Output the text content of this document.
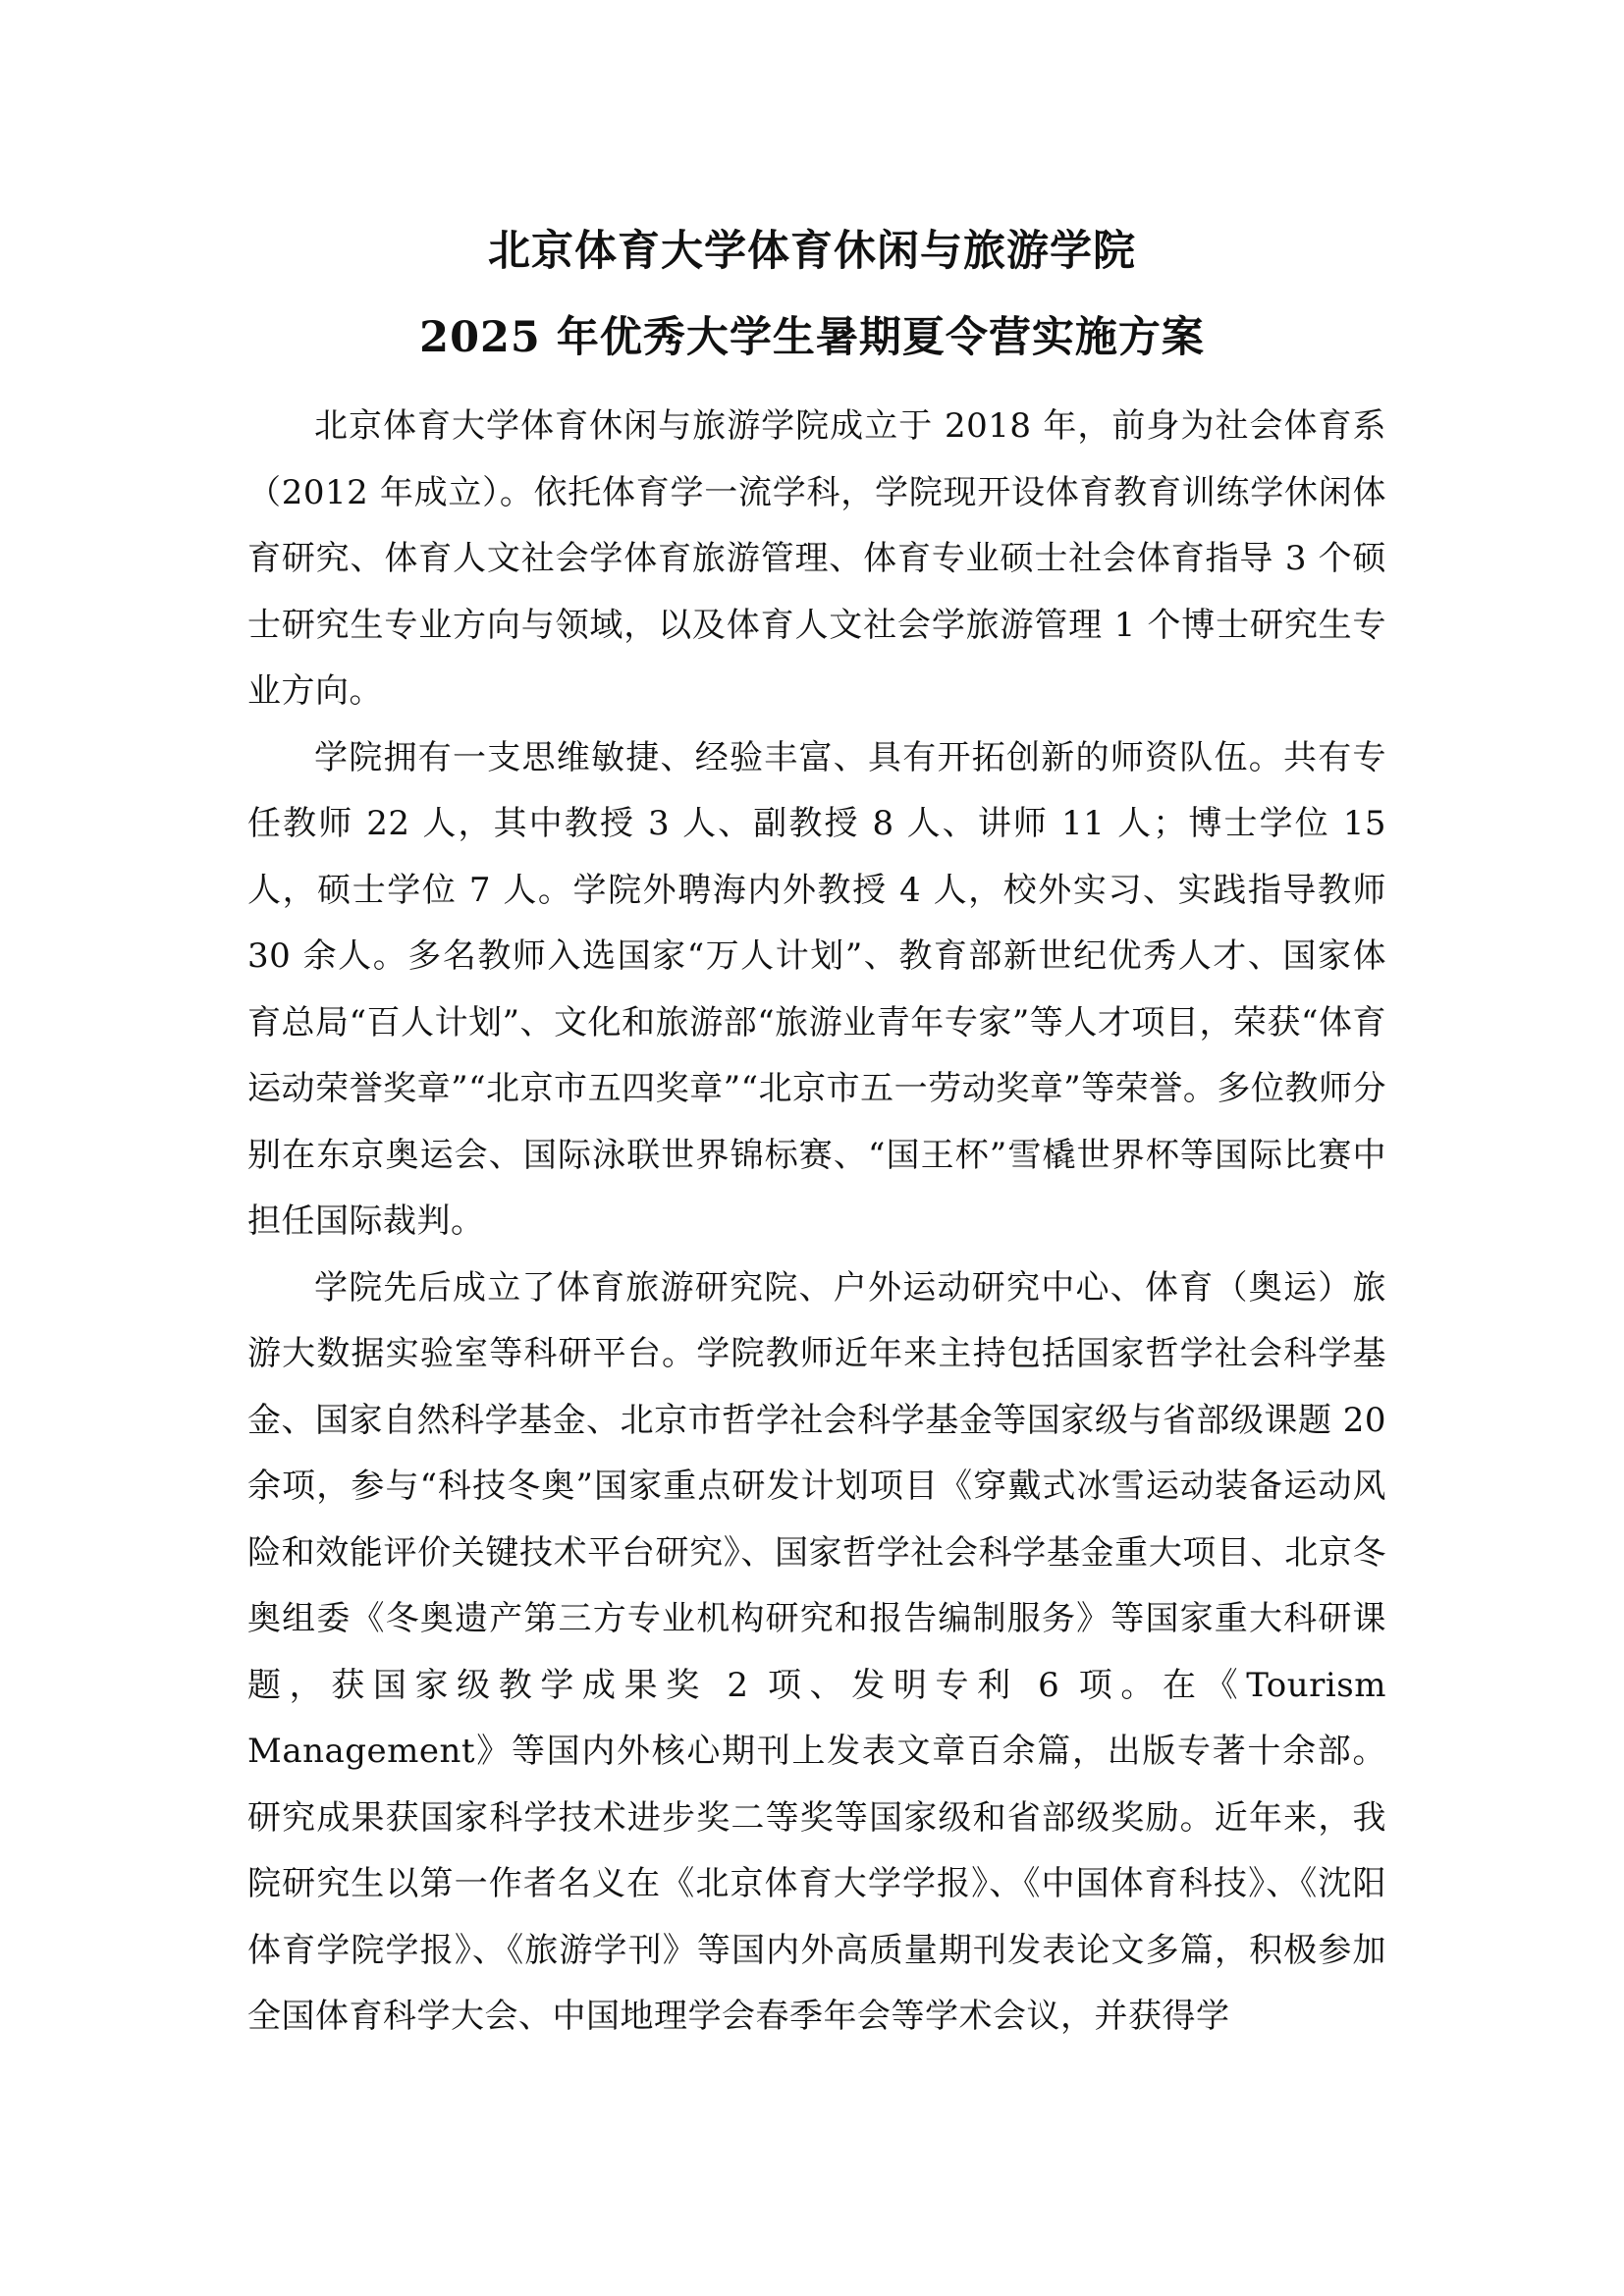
北京体育大学体育休闲与旅游学院
2025 年优秀大学生暑期夏令营实施方案

北京体育大学体育休闲与旅游学院成立于 2018 年，前身为社会体育系（2012 年成立）。依托体育学一流学科，学院现开设体育教育训练学休闲体育研究、体育人文社会学体育旅游管理、体育专业硕士社会体育指导 3 个硕士研究生专业方向与领域，以及体育人文社会学旅游管理 1 个博士研究生专业方向。

学院拥有一支思维敏捷、经验丰富、具有开拓创新的师资队伍。共有专任教师 22 人，其中教授 3 人、副教授 8 人、讲师 11 人；博士学位 15 人，硕士学位 7 人。学院外聘海内外教授 4 人，校外实习、实践指导教师 30 余人。多名教师入选国家“万人计划”、教育部新世纪优秀人才、国家体育总局“百人计划”、文化和旅游部“旅游业青年专家”等人才项目，荣获“体育运动荣誉奖章”“北京市五四奖章”“北京市五一劳动奖章”等荣誉。多位教师分别在东京奥运会、国际泳联世界锦标赛、“国王杯”雪橇世界杯等国际比赛中担任国际裁判。

学院先后成立了体育旅游研究院、户外运动研究中心、体育（奥运）旅游大数据实验室等科研平台。学院教师近年来主持包括国家哲学社会科学基金、国家自然科学基金、北京市哲学社会科学基金等国家级与省部级课题 20 余项，参与“科技冬奥”国家重点研发计划项目《穿戴式冰雪运动装备运动风险和效能评价关键技术平台研究》、国家哲学社会科学基金重大项目、北京冬奥组委《冬奥遗产第三方专业机构研究和报告编制服务》等国家重大科研课题，获国家级教学成果奖 2 项、发明专利 6 项。在《Tourism Management》等国内外核心期刊上发表文章百余篇，出版专著十余部。研究成果获国家科学技术进步奖二等奖等国家级和省部级奖励。近年来，我院研究生以第一作者名义在《北京体育大学学报》、《中国体育科技》、《沈阳体育学院学报》、《旅游学刊》等国内外高质量期刊发表论文多篇，积极参加全国体育科学大会、中国地理学会春季年会等学术会议，并获得学
